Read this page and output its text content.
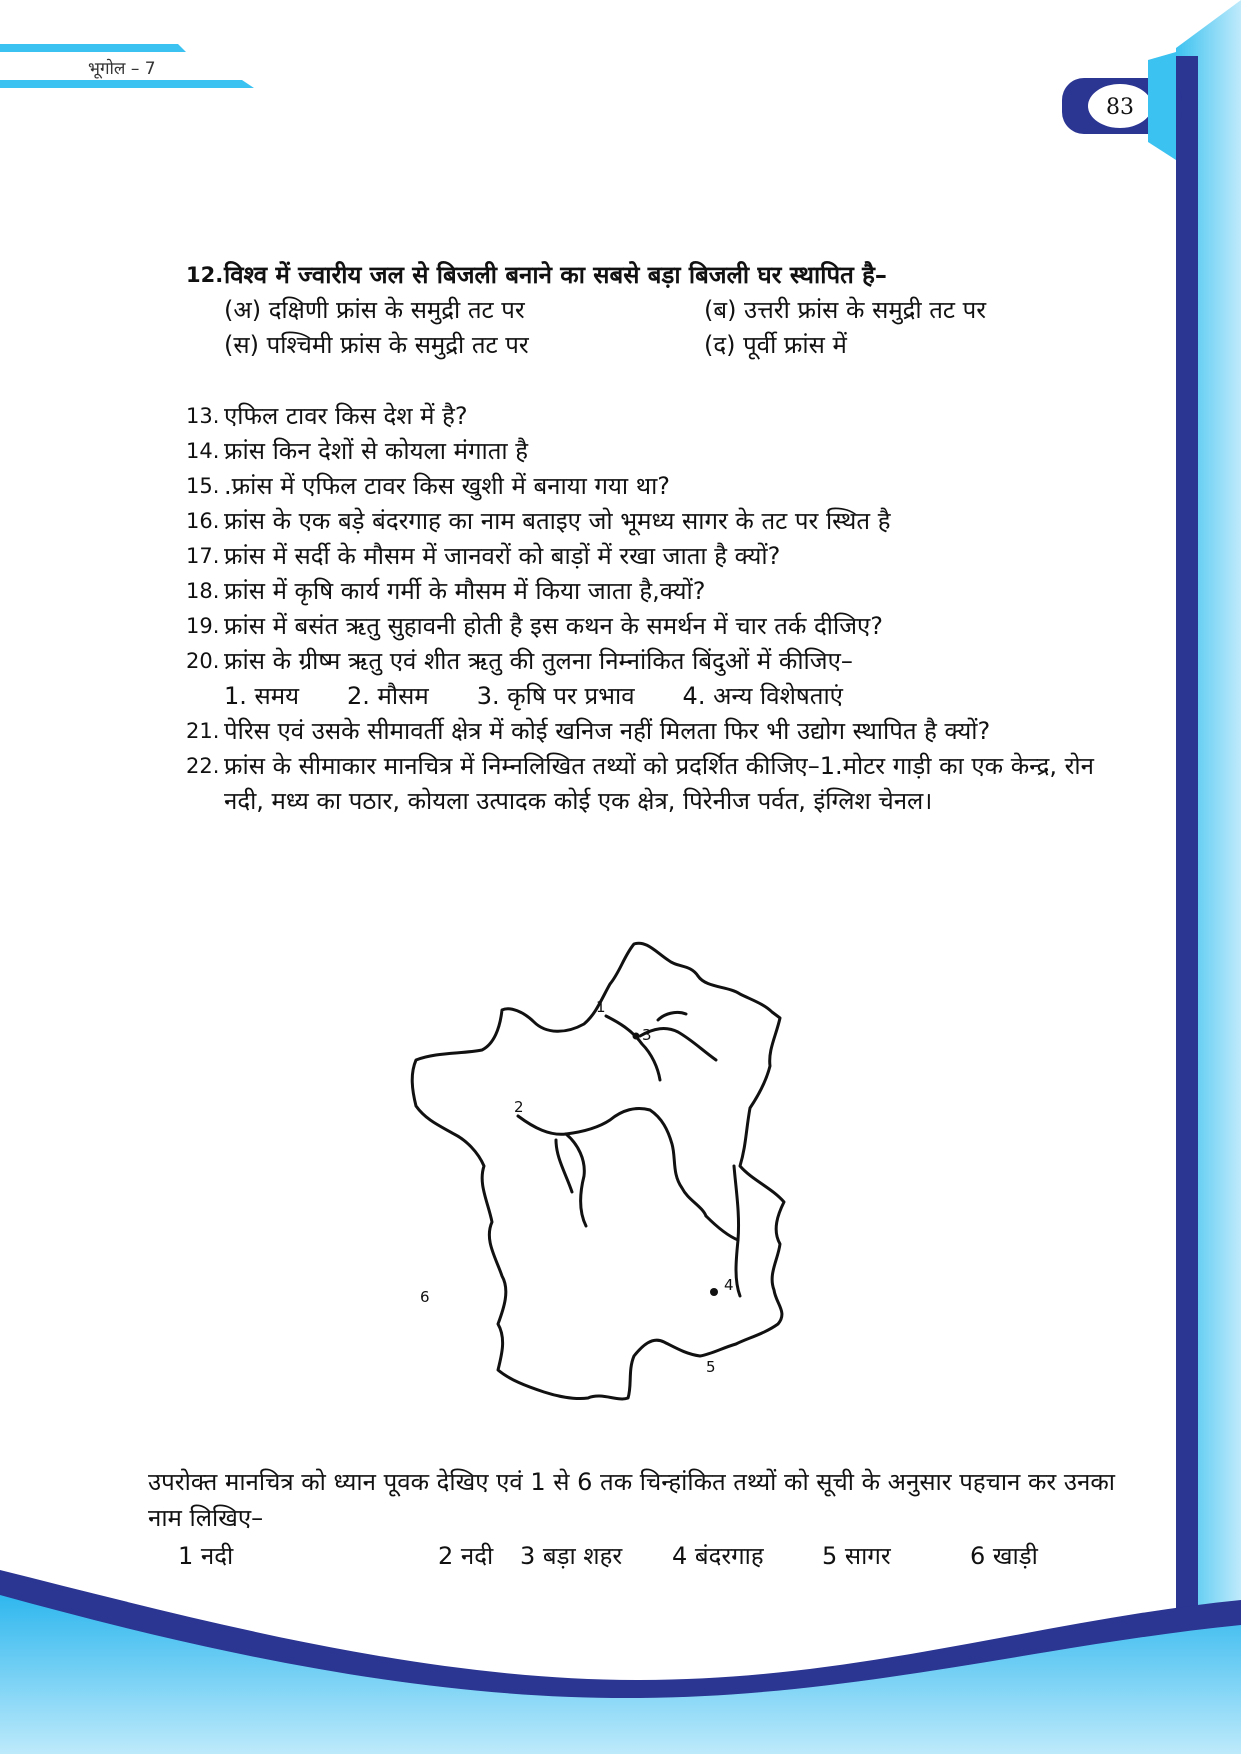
भूगोल – 7
83
12. विश्व में ज्वारीय जल से बिजली बनाने का सबसे बड़ा बिजली घर स्थापित है–
(अ) दक्षिणी फ्रांस के समुद्री तट पर	(ब) उत्तरी फ्रांस के समुद्री तट पर
(स) पश्चिमी फ्रांस के समुद्री तट पर	(द) पूर्वी फ्रांस में
13. एफिल टावर किस देश में है?
14. फ्रांस किन देशों से कोयला मंगाता है
15. .फ्रांस में एफिल टावर किस खुशी में बनाया गया था?
16. फ्रांस के एक बड़े बंदरगाह का नाम बताइए जो भूमध्य सागर के तट पर स्थित है
17. फ्रांस में सर्दी के मौसम में जानवरों को बाड़ों में रखा जाता है क्यों?
18. फ्रांस में कृषि कार्य गर्मी के मौसम में किया जाता है,क्यों?
19. फ्रांस में बसंत ऋतु सुहावनी होती है इस कथन के समर्थन में चार तर्क दीजिए?
20. फ्रांस के ग्रीष्म ऋतु एवं शीत ऋतु की तुलना निम्नांकित बिंदुओं में कीजिए–
1. समय 2. मौसम 3. कृषि पर प्रभाव 4. अन्य विशेषताएं
21. पेरिस एवं उसके सीमावर्ती क्षेत्र में कोई खनिज नहीं मिलता फिर भी उद्योग स्थापित है क्यों?
22. फ्रांस के सीमाकार मानचित्र में निम्नलिखित तथ्यों को प्रदर्शित कीजिए–1.मोटर गाड़ी का एक केन्द्र, रोन नदी, मध्य का पठार, कोयला उत्पादक कोई एक क्षेत्र, पिरेनीज पर्वत, इंग्लिश चेनल।
1
2
3
4
5
6
उपरोक्त मानचित्र को ध्यान पूवक देखिए एवं 1 से 6 तक चिन्हांकित तथ्यों को सूची के अनुसार पहचान कर उनका नाम लिखिए–
1 नदी	2 नदी	3 बड़ा शहर	4 बंदरगाह	5 सागर	6 खाड़ी
